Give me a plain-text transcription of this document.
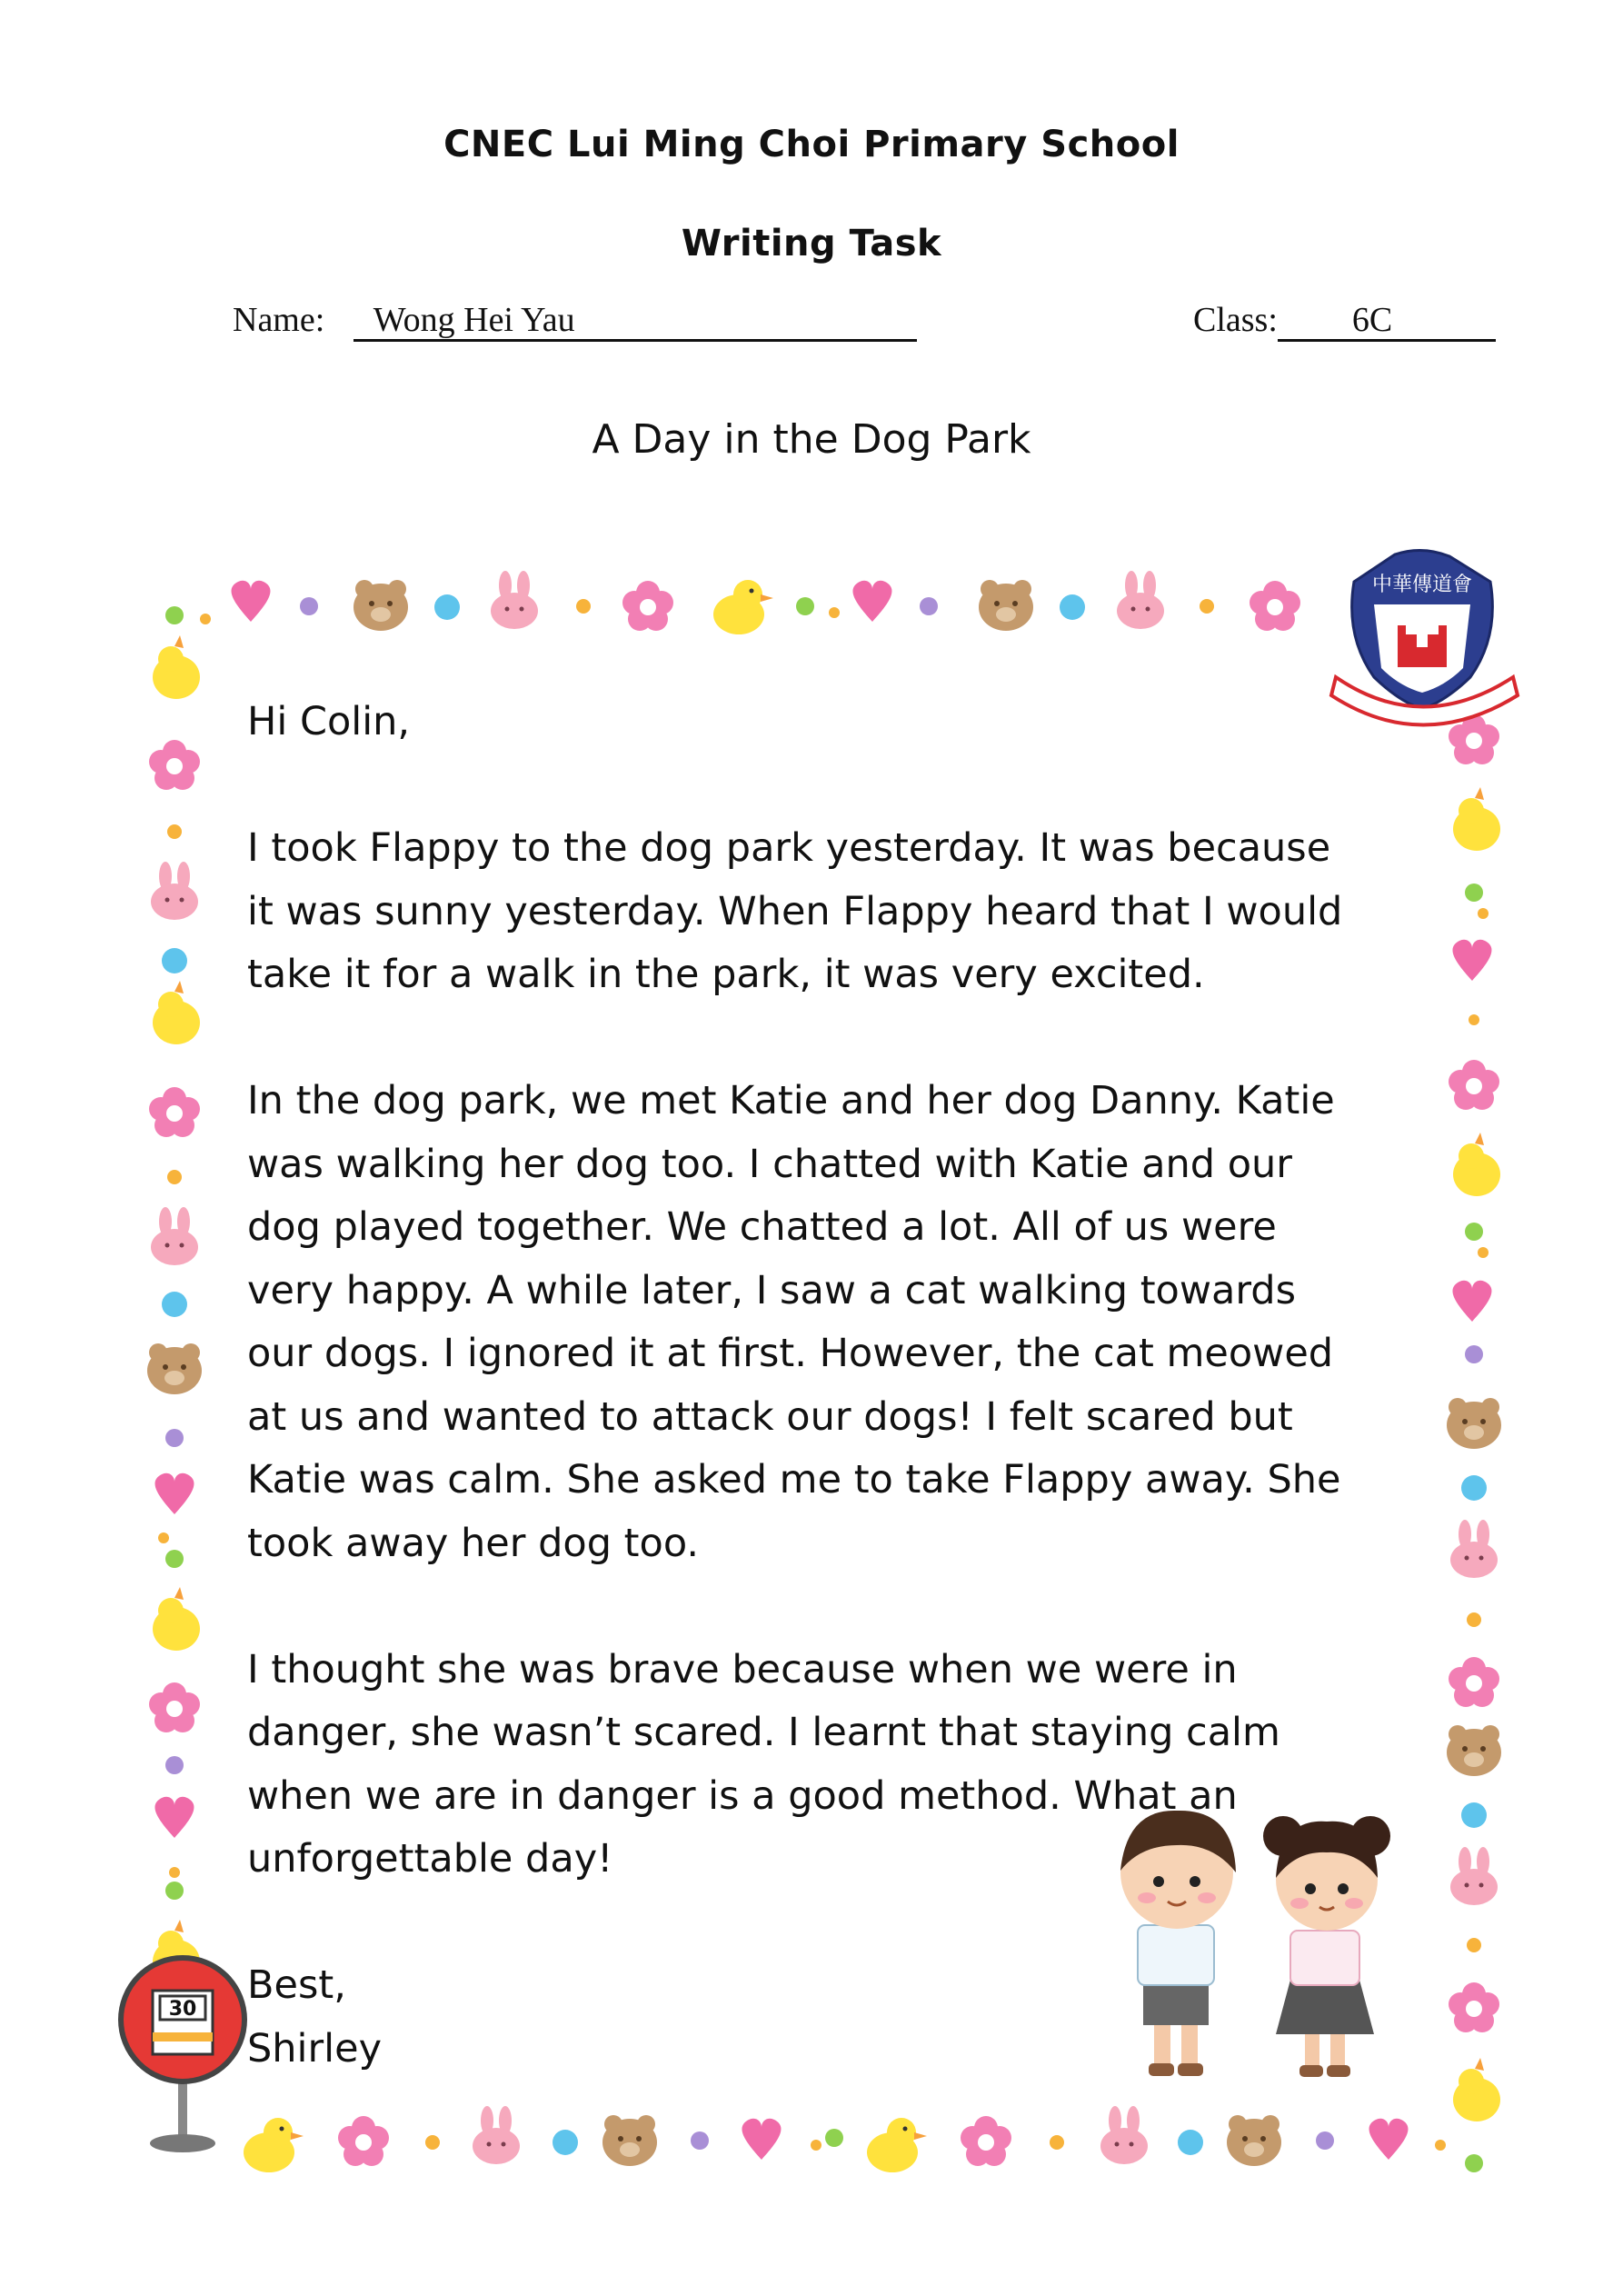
CNEC Lui Ming Choi Primary School
Writing Task
Name: Wong Hei Yau	Class: 6C
A Day in the Dog Park
中華傳道會
30

Hi Colin,

I took Flappy to the dog park yesterday. It was because
it was sunny yesterday. When Flappy heard that I would
take it for a walk in the park, it was very excited.

In the dog park, we met Katie and her dog Danny. Katie
was walking her dog too. I chatted with Katie and our
dog played together. We chatted a lot. All of us were
very happy. A while later, I saw a cat walking towards
our dogs. I ignored it at first. However, the cat meowed
at us and wanted to attack our dogs! I felt scared but
Katie was calm. She asked me to take Flappy away. She
took away her dog too.

I thought she was brave because when we were in
danger, she wasn’t scared. I learnt that staying calm
when we are in danger is a good method. What an
unforgettable day!

Best,

Shirley
